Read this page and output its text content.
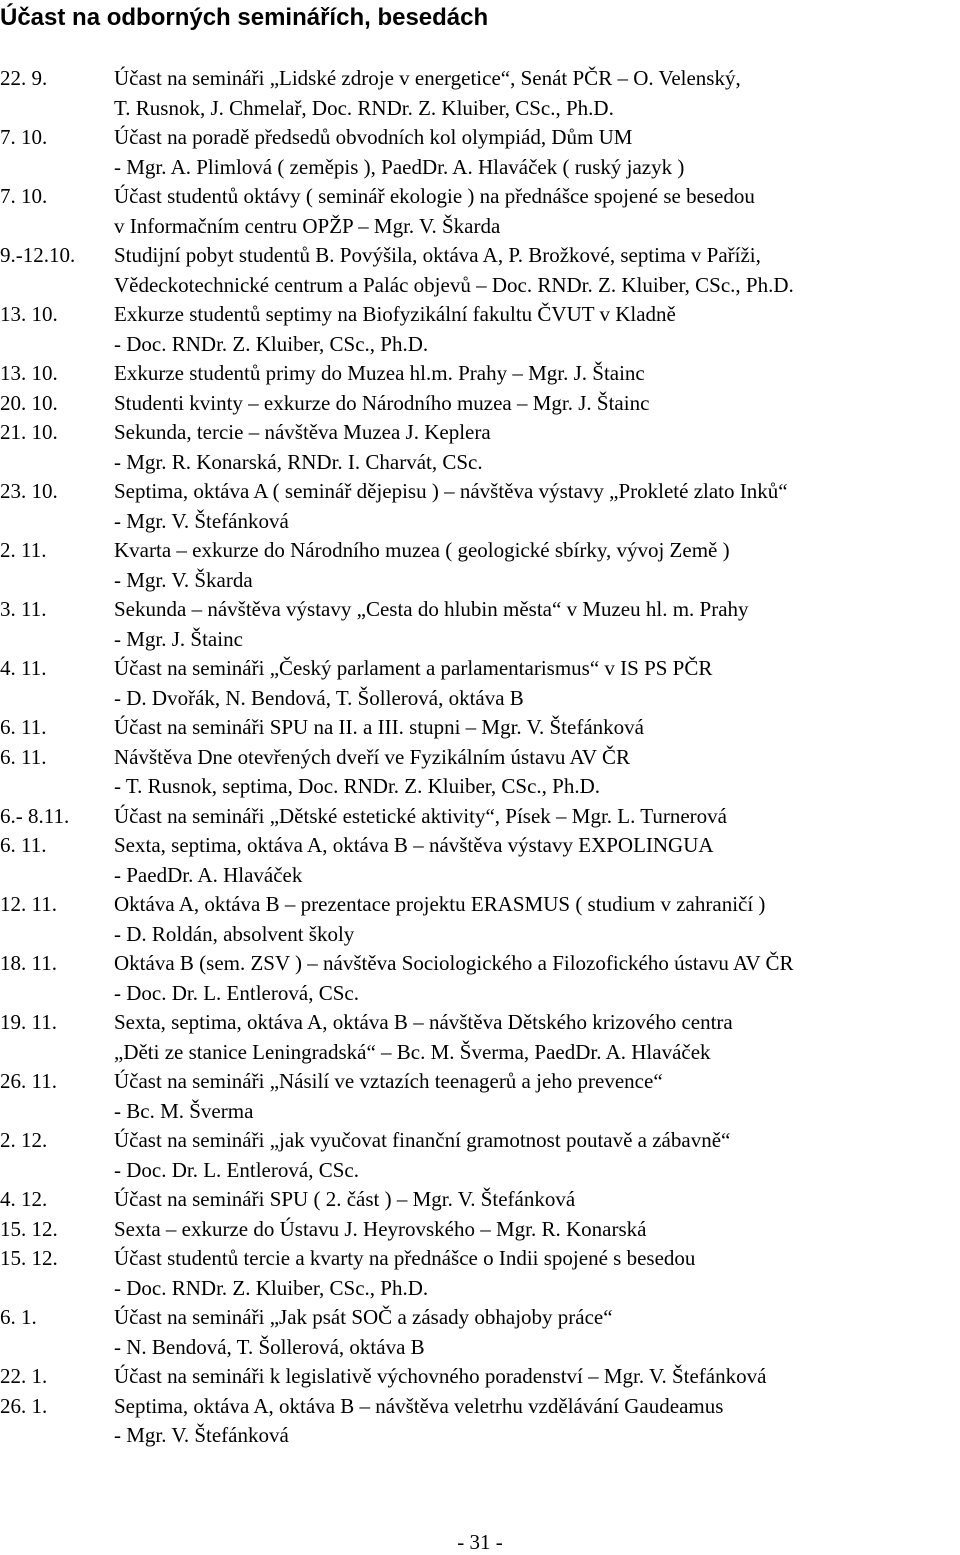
Účast na odborných seminářích, besedách
22. 9.	Účast na semináři „Lidské zdroje v energetice“, Senát PČR – O. Velenský,
T. Rusnok, J. Chmelař, Doc. RNDr. Z. Kluiber, CSc., Ph.D.
7. 10.	Účast na poradě předsedů obvodních kol olympiád, Dům UM
- Mgr. A. Plimlová ( zeměpis ), PaedDr. A. Hlaváček ( ruský jazyk )
7. 10.	Účast studentů oktávy ( seminář ekologie ) na přednášce spojené se besedou
v Informačním centru OPŽP – Mgr. V. Škarda
9.-12.10.	Studijní pobyt studentů B. Povýšila, oktáva A, P. Brožkové, septima v Paříži,
Vědeckotechnické centrum a Palác objevů – Doc. RNDr. Z. Kluiber, CSc., Ph.D.
13. 10.	Exkurze studentů septimy na Biofyzikální fakultu ČVUT v Kladně
- Doc. RNDr. Z. Kluiber, CSc., Ph.D.
13. 10.	Exkurze studentů primy do Muzea hl.m. Prahy – Mgr. J. Štainc
20. 10.	Studenti kvinty – exkurze do Národního muzea – Mgr. J. Štainc
21. 10.	Sekunda, tercie – návštěva Muzea J. Keplera
- Mgr. R. Konarská, RNDr. I. Charvát, CSc.
23. 10.	Septima, oktáva A ( seminář dějepisu ) – návštěva výstavy „Prokleté zlato Inků“
- Mgr. V. Štefánková
2. 11.	Kvarta – exkurze do Národního muzea ( geologické sbírky, vývoj Země )
- Mgr. V. Škarda
3. 11.	Sekunda – návštěva výstavy „Cesta do hlubin města“ v Muzeu hl. m. Prahy
- Mgr. J. Štainc
4. 11.	Účast na semináři „Český parlament a parlamentarismus“ v IS PS PČR
- D. Dvořák, N. Bendová, T. Šollerová, oktáva B
6. 11.	Účast na semináři SPU na II. a III. stupni – Mgr. V. Štefánková
6. 11.	Návštěva Dne otevřených dveří ve Fyzikálním ústavu AV ČR
- T. Rusnok, septima, Doc. RNDr. Z. Kluiber, CSc., Ph.D.
6.- 8.11.	Účast na semináři „Dětské estetické aktivity“, Písek – Mgr. L. Turnerová
6. 11.	Sexta, septima, oktáva A, oktáva B – návštěva výstavy EXPOLINGUA
- PaedDr. A. Hlaváček
12. 11.	Oktáva A, oktáva B – prezentace projektu ERASMUS ( studium v zahraničí )
- D. Roldán, absolvent školy
18. 11.	Oktáva B (sem. ZSV ) – návštěva Sociologického a Filozofického ústavu AV ČR
- Doc. Dr. L. Entlerová, CSc.
19. 11.	Sexta, septima, oktáva A, oktáva B – návštěva Dětského krizového centra
„Děti ze stanice Leningradská“ – Bc. M. Šverma, PaedDr. A. Hlaváček
26. 11.	Účast na semináři „Násilí ve vztazích teenagerů a jeho prevence“
- Bc. M. Šverma
2. 12.	Účast na semináři „jak vyučovat finanční gramotnost poutavě a zábavně“
- Doc. Dr. L. Entlerová, CSc.
4. 12.	Účast na semináři SPU ( 2. část ) – Mgr. V. Štefánková
15. 12.	Sexta – exkurze do Ústavu J. Heyrovského – Mgr. R. Konarská
15. 12.	Účast studentů tercie a kvarty na přednášce o Indii spojené s besedou
- Doc. RNDr. Z. Kluiber, CSc., Ph.D.
6. 1.	Účast na semináři „Jak psát SOČ a zásady obhajoby práce“
- N. Bendová, T. Šollerová, oktáva B
22. 1.	Účast na semináři k legislativě výchovného poradenství – Mgr. V. Štefánková
26. 1.	Septima, oktáva A, oktáva B – návštěva veletrhu vzdělávání Gaudeamus
- Mgr. V. Štefánková
- 31 -
